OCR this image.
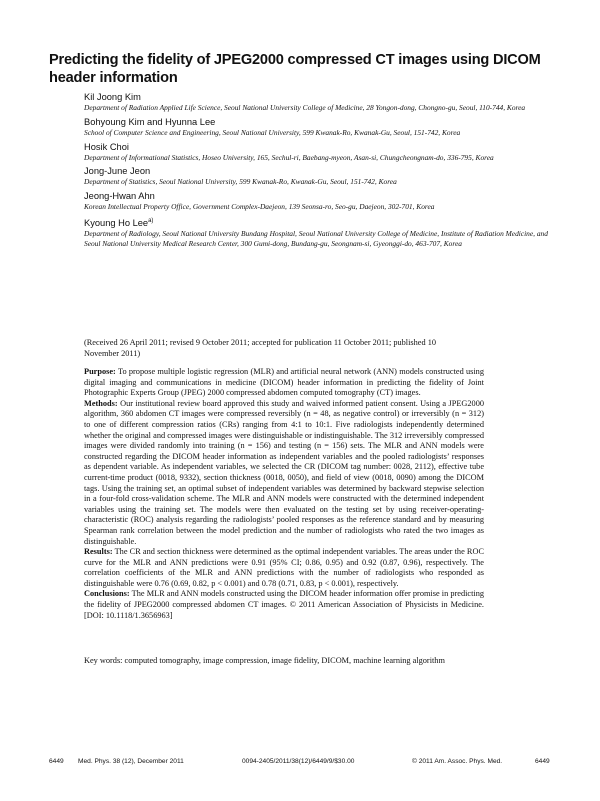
Predicting the fidelity of JPEG2000 compressed CT images using DICOM header information
Kil Joong Kim
Department of Radiation Applied Life Science, Seoul National University College of Medicine, 28 Yongon-dong, Chongno-gu, Seoul, 110-744, Korea
Bohyoung Kim and Hyunna Lee
School of Computer Science and Engineering, Seoul National University, 599 Kwanak-Ro, Kwanak-Gu, Seoul, 151-742, Korea
Hosik Choi
Department of Informational Statistics, Hoseo University, 165, Sechul-ri, Baebang-myeon, Asan-si, Chungcheongnam-do, 336-795, Korea
Jong-June Jeon
Department of Statistics, Seoul National University, 599 Kwanak-Ro, Kwanak-Gu, Seoul, 151-742, Korea
Jeong-Hwan Ahn
Korean Intellectual Property Office, Government Complex-Daejeon, 139 Seonsa-ro, Seo-gu, Daejeon, 302-701, Korea
Kyoung Ho Lee$^{a)}$
Department of Radiology, Seoul National University Bundang Hospital, Seoul National University College of Medicine, Institute of Radiation Medicine, and Seoul National University Medical Research Center, 300 Gumi-dong, Bundang-gu, Seongnam-si, Gyeonggi-do, 463-707, Korea
(Received 26 April 2011; revised 9 October 2011; accepted for publication 11 October 2011; published 10 November 2011)

Purpose: To propose multiple logistic regression (MLR) and artificial neural network (ANN) models constructed using digital imaging and communications in medicine (DICOM) header information in predicting the fidelity of Joint Photographic Experts Group (JPEG) 2000 compressed abdomen computed tomography (CT) images.

Methods: Our institutional review board approved this study and waived informed patient consent. Using a JPEG2000 algorithm, 360 abdomen CT images were compressed reversibly (n = 48, as negative control) or irreversibly (n = 312) to one of different compression ratios (CRs) ranging from 4:1 to 10:1. Five radiologists independently determined whether the original and compressed images were distinguishable or indistinguishable. The 312 irreversibly compressed images were divided randomly into training (n = 156) and testing (n = 156) sets. The MLR and ANN models were constructed regarding the DICOM header information as independent variables and the pooled radiologists’ responses as dependent variable. As independent variables, we selected the CR (DICOM tag number: 0028, 2112), effective tube current-time product (0018, 9332), section thickness (0018, 0050), and field of view (0018, 0090) among the DICOM tags. Using the training set, an optimal subset of independent variables was determined by backward stepwise selection in a four-fold cross-validation scheme. The MLR and ANN models were constructed with the determined independent variables using the training set. The models were then evaluated on the testing set by using receiver-operating-characteristic (ROC) analysis regarding the radiologists’ pooled responses as the reference standard and by measuring Spearman rank correlation between the model prediction and the number of radiologists who rated the two images as distinguishable.

Results: The CR and section thickness were determined as the optimal independent variables. The areas under the ROC curve for the MLR and ANN predictions were 0.91 (95% CI; 0.86, 0.95) and 0.92 (0.87, 0.96), respectively. The correlation coefficients of the MLR and ANN predictions with the number of radiologists who responded as distinguishable were 0.76 (0.69, 0.82, p < 0.001) and 0.78 (0.71, 0.83, p < 0.001), respectively.

Conclusions: The MLR and ANN models constructed using the DICOM header information offer promise in predicting the fidelity of JPEG2000 compressed abdomen CT images. © 2011 American Association of Physicists in Medicine. [DOI: 10.1118/1.3656963]

Key words: computed tomography, image compression, image fidelity, DICOM, machine learning algorithm
6449 Med. Phys. 38 (12), December 2011	0094-2405/2011/38(12)/6449/9/$30.00	© 2011 Am. Assoc. Phys. Med.	6449
